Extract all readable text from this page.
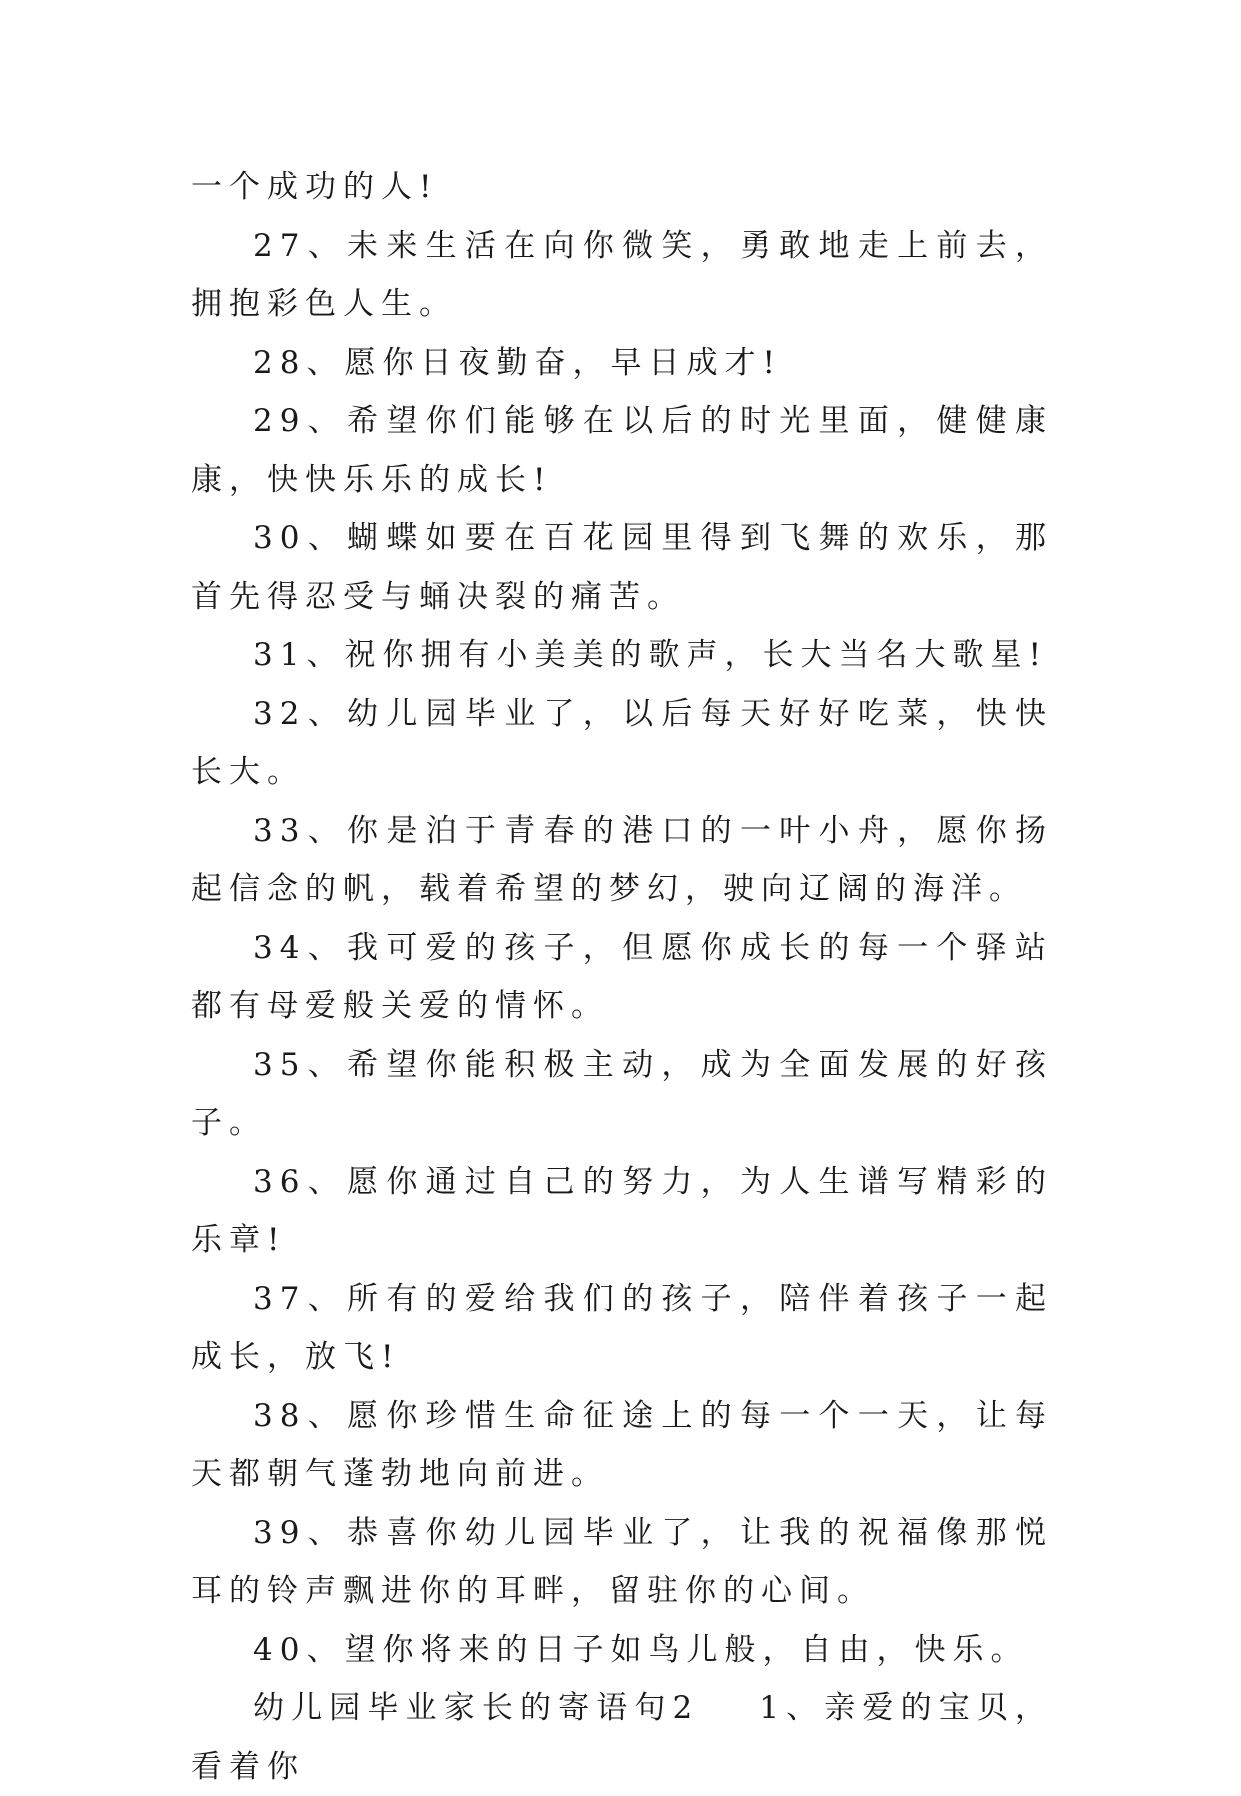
一个成功的人!

27、未来生活在向你微笑，勇敢地走上前去，拥抱彩色人生。

28、愿你日夜勤奋，早日成才!

29、希望你们能够在以后的时光里面，健健康康，快快乐乐的成长!

30、蝴蝶如要在百花园里得到飞舞的欢乐，那首先得忍受与蛹决裂的痛苦。

31、祝你拥有小美美的歌声，长大当名大歌星!

32、幼儿园毕业了，以后每天好好吃菜，快快长大。

33、你是泊于青春的港口的一叶小舟，愿你扬起信念的帆，载着希望的梦幻，驶向辽阔的海洋。

34、我可爱的孩子，但愿你成长的每一个驿站都有母爱般关爱的情怀。

35、希望你能积极主动，成为全面发展的好孩子。

36、愿你通过自己的努力，为人生谱写精彩的乐章!

37、所有的爱给我们的孩子，陪伴着孩子一起成长，放飞!

38、愿你珍惜生命征途上的每一个一天，让每天都朝气蓬勃地向前进。

39、恭喜你幼儿园毕业了，让我的祝福像那悦耳的铃声飘进你的耳畔，留驻你的心间。

40、望你将来的日子如鸟儿般，自由，快乐。

幼儿园毕业家长的寄语句2 1、亲爱的宝贝，看着你
